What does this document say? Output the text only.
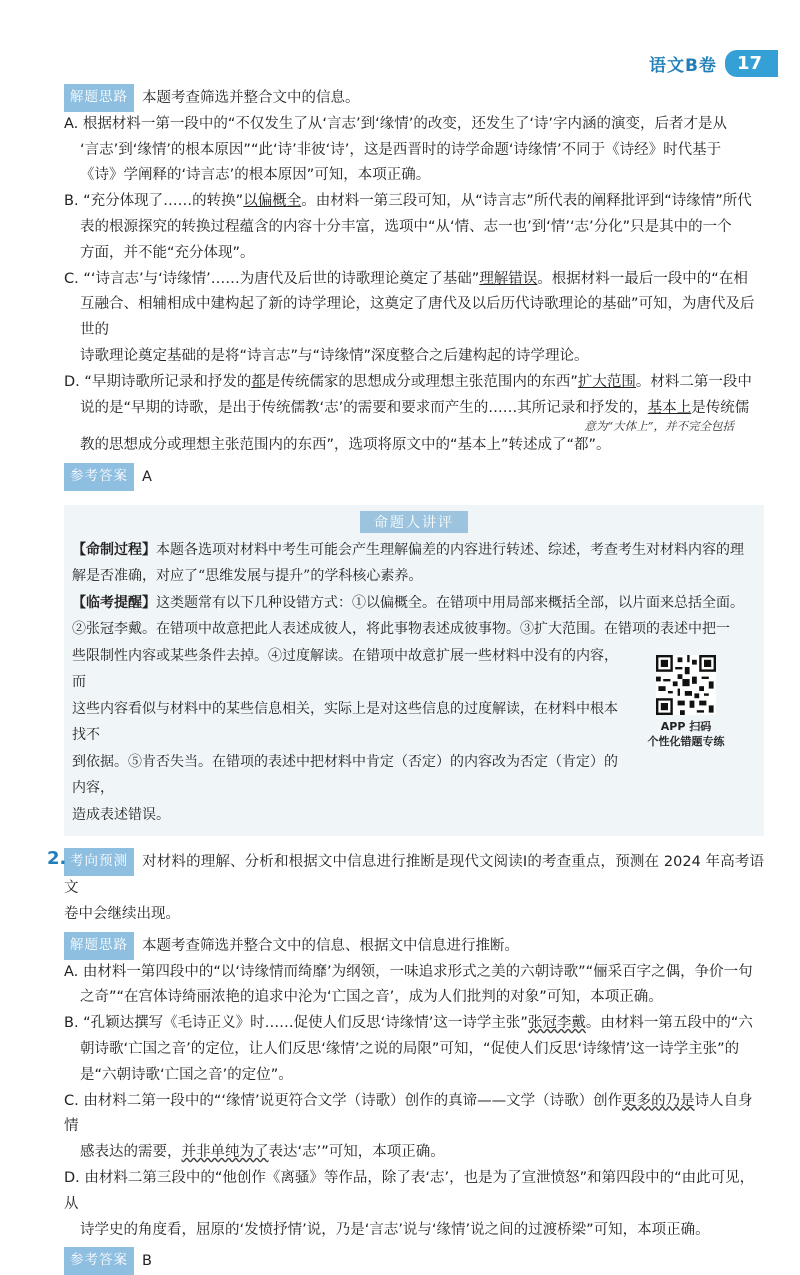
语文B卷	17
解题思路 本题考查筛选并整合文中的信息。
A. 根据材料一第一段中的“不仅发生了从‘言志’到‘缘情’的改变，还发生了‘诗’字内涵的演变，后者才是从
‘言志’到‘缘情’的根本原因”“此‘诗’非彼‘诗’，这是西晋时的诗学命题‘诗缘情’不同于《诗经》时代基于
《诗》学阐释的‘诗言志’的根本原因”可知，本项正确。
B. “充分体现了……的转换”以偏概全。由材料一第三段可知，从“诗言志”所代表的阐释批评到“诗缘情”所代
表的根源探究的转换过程蕴含的内容十分丰富，选项中“从‘情、志一也’到‘情’‘志’分化”只是其中的一个
方面，并不能“充分体现”。
C. “‘诗言志’与‘诗缘情’……为唐代及后世的诗歌理论奠定了基础”理解错误。根据材料一最后一段中的“在相
互融合、相辅相成中建构起了新的诗学理论，这奠定了唐代及以后历代诗歌理论的基础”可知，为唐代及后世的
诗歌理论奠定基础的是将“诗言志”与“诗缘情”深度整合之后建构起的诗学理论。
D. “早期诗歌所记录和抒发的都是传统儒家的思想成分或理想主张范围内的东西”扩大范围。材料二第一段中
说的是“早期的诗歌，是出于传统儒教‘志’的需要和要求而产生的……其所记录和抒发的，基本上是传统儒
意为“大体上”，并不完全包括
教的思想成分或理想主张范围内的东西”，选项将原文中的“基本上”转述成了“都”。
参考答案 A
命题人讲评
【命制过程】本题各选项对材料中考生可能会产生理解偏差的内容进行转述、综述，考查考生对材料内容的理
解是否准确，对应了“思维发展与提升”的学科核心素养。
【临考提醒】这类题常有以下几种设错方式：①以偏概全。在错项中用局部来概括全部，以片面来总括全面。
②张冠李戴。在错项中故意把此人表述成彼人，将此事物表述成彼事物。③扩大范围。在错项的表述中把一
些限制性内容或某些条件去掉。④过度解读。在错项中故意扩展一些材料中没有的内容，而
这些内容看似与材料中的某些信息相关，实际上是对这些信息的过度解读，在材料中根本找不
到依据。⑤肯否失当。在错项的表述中把材料中肯定（否定）的内容改为否定（肯定）的内容，
造成表述错误。
APP 扫码
个性化错题专练
2. 考向预测 对材料的理解、分析和根据文中信息进行推断是现代文阅读Ⅰ的考查重点，预测在 2024 年高考语文
卷中会继续出现。
解题思路 本题考查筛选并整合文中的信息、根据文中信息进行推断。
A. 由材料一第四段中的“以‘诗缘情而绮靡’为纲领，一味追求形式之美的六朝诗歌”“俪采百字之偶，争价一句
之奇”“在宫体诗绮丽浓艳的追求中沦为‘亡国之音’，成为人们批判的对象”可知，本项正确。
B. “孔颖达撰写《毛诗正义》时……促使人们反思‘诗缘情’这一诗学主张”张冠李戴。由材料一第五段中的“六
朝诗歌‘亡国之音’的定位，让人们反思‘缘情’之说的局限”可知，“促使人们反思‘诗缘情’这一诗学主张”的
是“六朝诗歌‘亡国之音’的定位”。
C. 由材料二第一段中的“‘缘情’说更符合文学（诗歌）创作的真谛——文学（诗歌）创作更多的乃是诗人自身情
感表达的需要，并非单纯为了表达‘志’”可知，本项正确。
D. 由材料二第三段中的“他创作《离骚》等作品，除了表‘志’，也是为了宣泄愤怒”和第四段中的“由此可见，从
诗学史的角度看，屈原的‘发愤抒情’说，乃是‘言志’说与‘缘情’说之间的过渡桥梁”可知，本项正确。
参考答案 B
